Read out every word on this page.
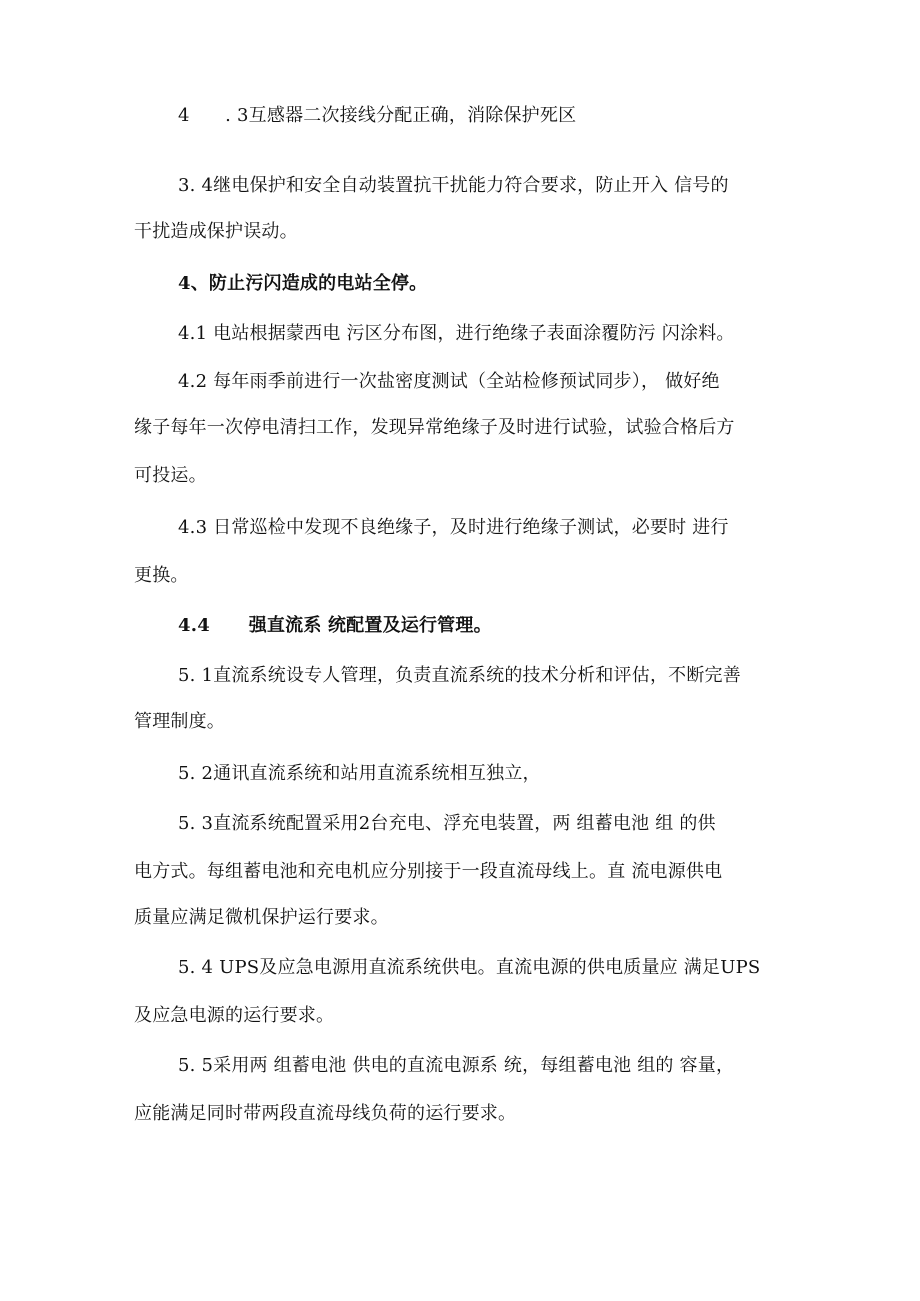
4      . 3互感器二次接线分配正确，消除保护死区
3. 4继电保护和安全自动装置抗干扰能力符合要求，防止开入 信号的
干扰造成保护误动。
4、防止污闪造成的电站全停。
4.1 电站根据蒙西电 污区分布图，进行绝缘子表面涂覆防污 闪涂料。
4.2 每年雨季前进行一次盐密度测试（全站检修预试同步）， 做好绝
缘子每年一次停电清扫工作，发现异常绝缘子及时进行试验，试验合格后方
可投运。
4.3 日常巡检中发现不良绝缘子，及时进行绝缘子测试，必要时 进行
更换。
4.4      强直流系 统配置及运行管理。
5. 1直流系统设专人管理，负责直流系统的技术分析和评估，不断完善
管理制度。
5. 2通讯直流系统和站用直流系统相互独立，
5. 3直流系统配置采用2台充电、浮充电装置，两 组蓄电池 组 的供
电方式。每组蓄电池和充电机应分别接于一段直流母线上。直 流电源供电
质量应满足微机保护运行要求。
5. 4 UPS及应急电源用直流系统供电。直流电源的供电质量应 满足UPS
及应急电源的运行要求。
5. 5采用两 组蓄电池 供电的直流电源系 统，每组蓄电池 组的 容量，
应能满足同时带两段直流母线负荷的运行要求。
